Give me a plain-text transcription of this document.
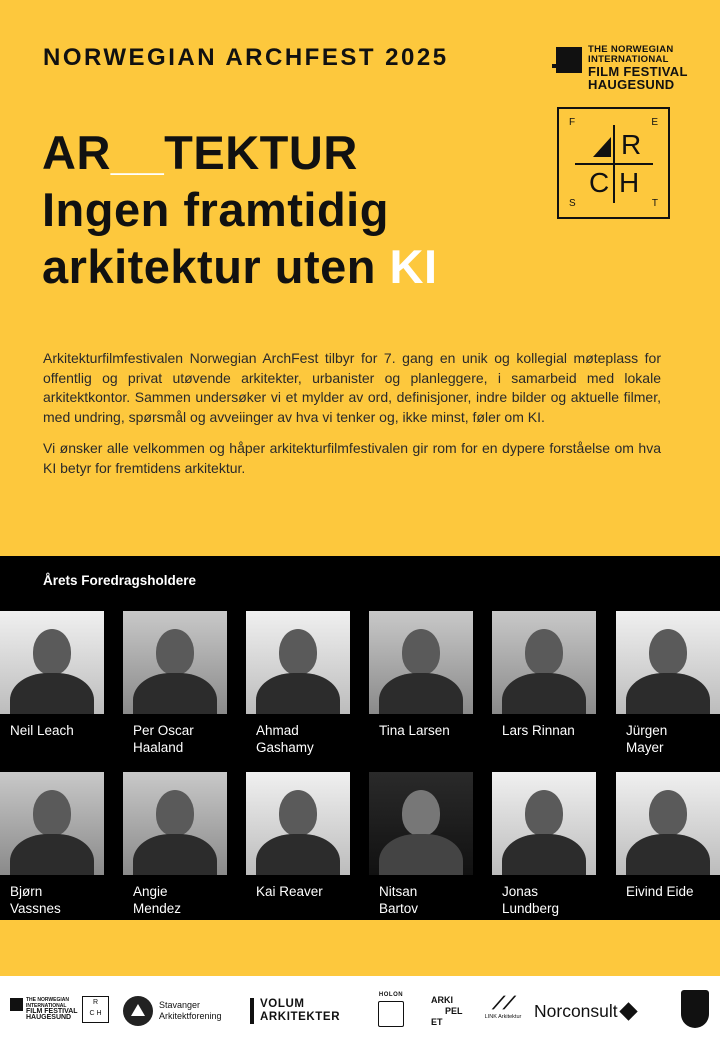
NORWEGIAN ARCHFEST 2025	THE NORWEGIAN
INTERNATIONAL
FILM FESTIVAL
HAUGESUND
F	E
S	T
R
C H
AR__TEKTUR
Ingen framtidig
arkitektur uten KI

Arkitekturfilmfestivalen Norwegian ArchFest tilbyr for 7. gang en unik og kollegial møteplass for offentlig og privat utøvende arkitekter, urbanister og planleggere, i samarbeid med lokale arkitektkontor. Sammen undersøker vi et mylder av ord, definisjoner, indre bilder og aktuelle filmer, med undring, spørsmål og avveiinger av hva vi tenker og, ikke minst, føler om KI.

Vi ønsker alle velkommen og håper arkitekturfilmfestivalen gir rom for en dypere forståelse om hva KI betyr for fremtidens arkitektur.

Årets Foredragsholdere
Neil Leach	Per Oscar
Haaland
Ahmad
Gashamy
Tina Larsen	Lars Rinnan	Jürgen
Mayer
Bjørn
Vassnes
Angie
Mendez
Kai Reaver	Nitsan
Bartov
Jonas
Lundberg
Eivind Eide
THE NORWEGIAN
INTERNATIONAL
FILM FESTIVAL
HAUGESUND
R
C H
Stavanger
Arkitektforening
VOLUM
ARKITEKTER
HOLON	ARKI
PEL
ET
⟋⟋
LINK Arkitektur Norconsult
